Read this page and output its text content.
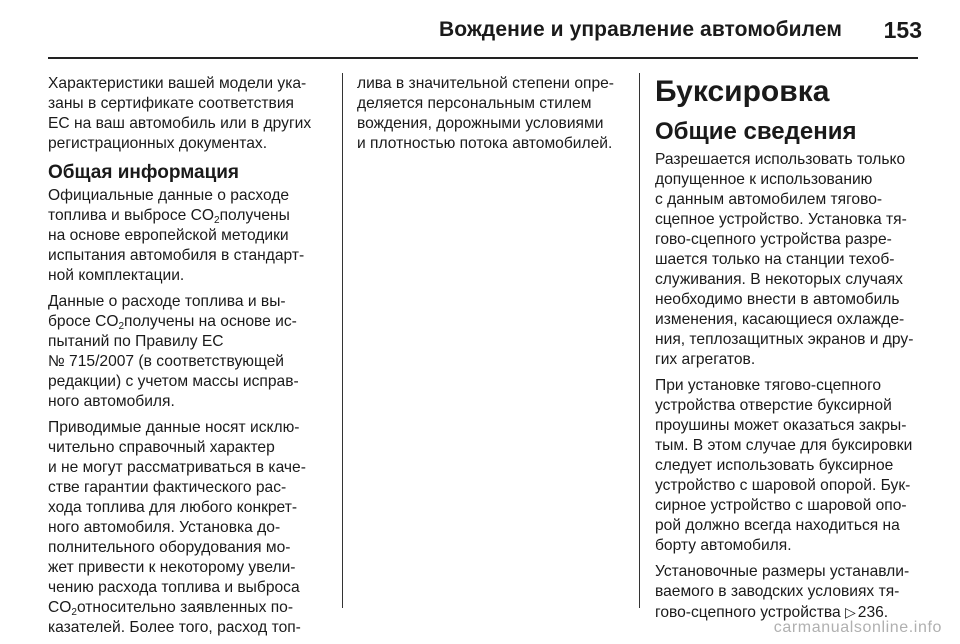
Вождение и управление автомобилем 153

Характеристики вашей модели ука-
заны в сертификате соответствия
ЕС на ваш автомобиль или в других
регистрационных документах.

Общая информация

Официальные данные о расходе
топлива и выбросе $CO_2получены$
на основе европейской методики
испытания автомобиля в стандарт-
ной комплектации.

Данные о расходе топлива и вы-
бросе $CO_2получены$ на основе ис-
пытаний по Правилу ЕС
№ 715/2007 (в соответствующей
редакции) с учетом массы исправ-
ного автомобиля.

Приводимые данные носят исклю-
чительно справочный характер
и не могут рассматриваться в каче-
стве гарантии фактического рас-
хода топлива для любого конкрет-
ного автомобиля. Установка до-
полнительного оборудования мо-
жет привести к некоторому увели-
чению расхода топлива и выброса
$CO_2относительно$ заявленных по-
казателей. Более того, расход топ-

лива в значительной степени опре-
деляется персональным стилем
вождения, дорожными условиями
и плотностью потока автомобилей.

Буксировка
Общие сведения

Разрешается использовать только
допущенное к использованию
с данным автомобилем тягово-
сцепное устройство. Установка тя-
гово-сцепного устройства разре-
шается только на станции техоб-
служивания. В некоторых случаях
необходимо внести в автомобиль
изменения, касающиеся охлажде-
ния, теплозащитных экранов и дру-
гих агрегатов.

При установке тягово-сцепного
устройства отверстие буксирной
проушины может оказаться закры-
тым. В этом случае для буксировки
следует использовать буксирное
устройство с шаровой опорой. Бук-
сирное устройство с шаровой опо-
рой должно всегда находиться на
борту автомобиля.

Установочные размеры устанавли-
ваемого в заводских условиях тя-
гово-сцепного устройства ▷ 236.

carmanualsonline.info
